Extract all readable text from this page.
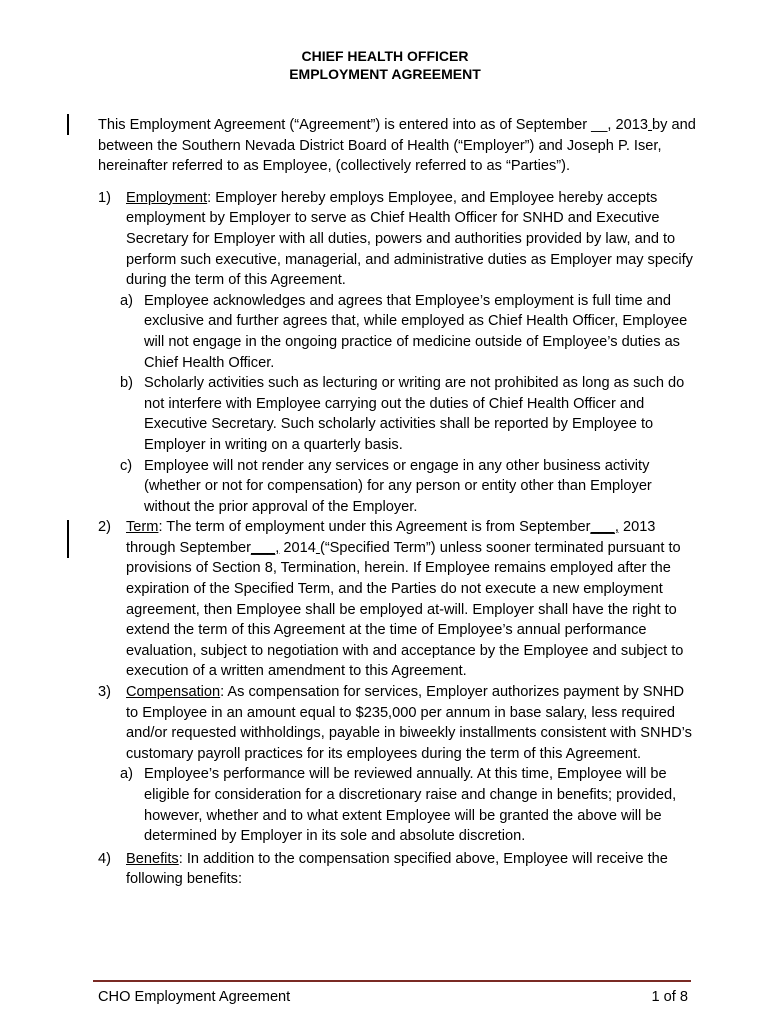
CHIEF HEALTH OFFICER
EMPLOYMENT AGREEMENT

This Employment Agreement (“Agreement”) is entered into as of September __, 2013 by and between the Southern Nevada District Board of Health (“Employer”) and Joseph P. Iser, hereinafter referred to as Employee, (collectively referred to as “Parties”).

1) Employment: Employer hereby employs Employee, and Employee hereby accepts employment by Employer to serve as Chief Health Officer for SNHD and Executive Secretary for Employer with all duties, powers and authorities provided by law, and to perform such executive, managerial, and administrative duties as Employer may specify during the term of this Agreement.
a) Employee acknowledges and agrees that Employee’s employment is full time and exclusive and further agrees that, while employed as Chief Health Officer, Employee will not engage in the ongoing practice of medicine outside of Employee’s duties as Chief Health Officer.
b) Scholarly activities such as lecturing or writing are not prohibited as long as such do not interfere with Employee carrying out the duties of Chief Health Officer and Executive Secretary. Such scholarly activities shall be reported by Employee to Employer in writing on a quarterly basis.
c) Employee will not render any services or engage in any other business activity (whether or not for compensation) for any person or entity other than Employer without the prior approval of the Employer.
2) Term: The term of employment under this Agreement is from September___, 2013 through September___, 2014 (“Specified Term”) unless sooner terminated pursuant to provisions of Section 8, Termination, herein. If Employee remains employed after the expiration of the Specified Term, and the Parties do not execute a new employment agreement, then Employee shall be employed at-will. Employer shall have the right to extend the term of this Agreement at the time of Employee’s annual performance evaluation, subject to negotiation with and acceptance by the Employee and subject to execution of a written amendment to this Agreement.
3) Compensation: As compensation for services, Employer authorizes payment by SNHD to Employee in an amount equal to $235,000 per annum in base salary, less required and/or requested withholdings, payable in biweekly installments consistent with SNHD’s customary payroll practices for its employees during the term of this Agreement.
a) Employee’s performance will be reviewed annually. At this time, Employee will be eligible for consideration for a discretionary raise and change in benefits; provided, however, whether and to what extent Employee will be granted the above will be determined by Employer in its sole and absolute discretion.
4) Benefits: In addition to the compensation specified above, Employee will receive the following benefits:
CHO Employment Agreement	1 of 8
